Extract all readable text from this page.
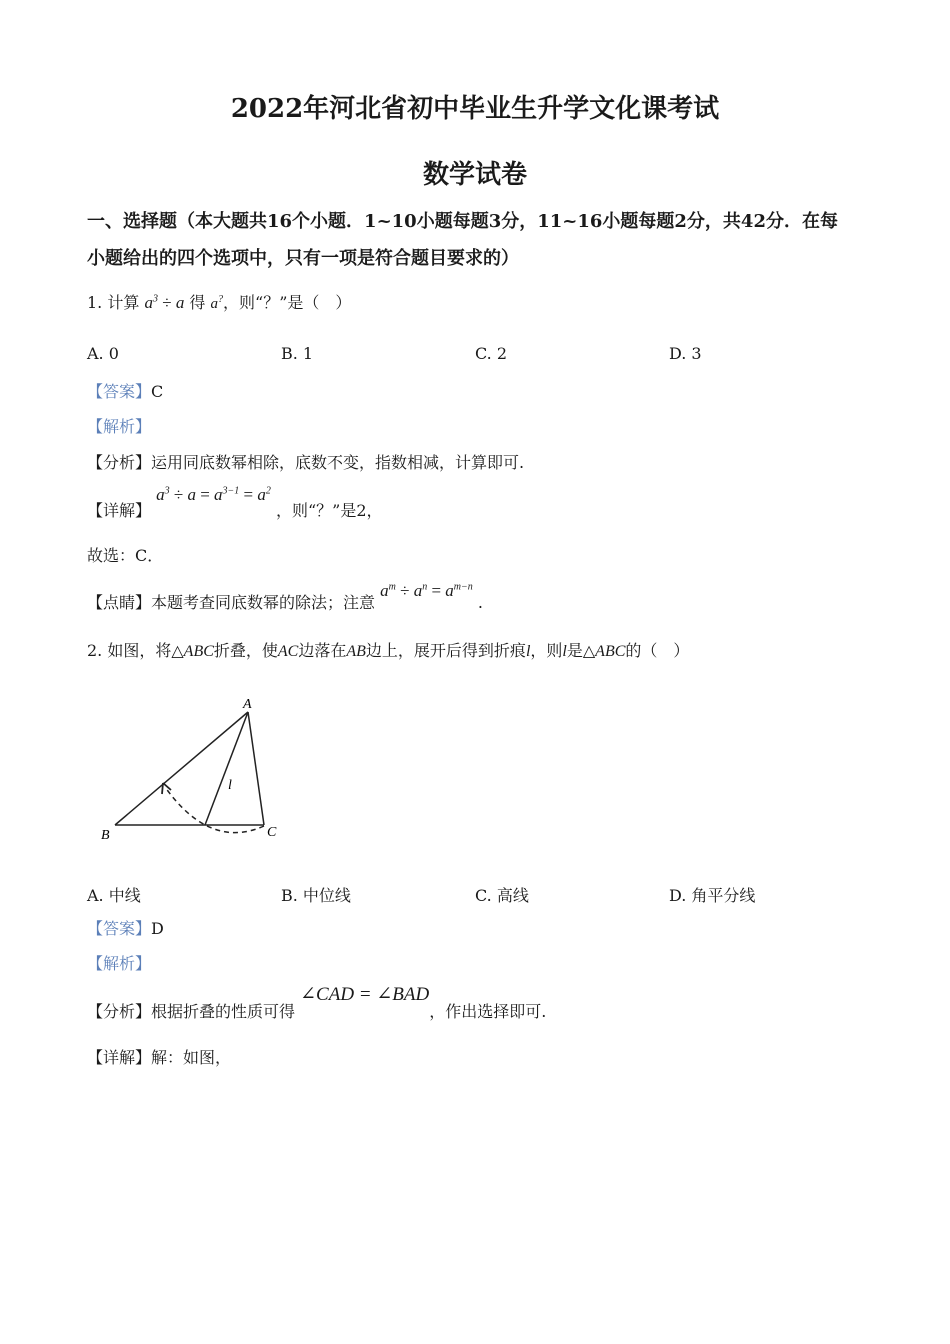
2022年河北省初中毕业生升学文化课考试
数学试卷
一、选择题（本大题共16个小题．1~10小题每题3分，11~16小题每题2分，共42分．在每
小题给出的四个选项中，只有一项是符合题目要求的）
1. 计算 $a^3 \div a$ 得 a?，则“？”是（　）
A. 0	B. 1	C. 2	D. 3
【答案】C
【解析】
【分析】运用同底数幂相除，底数不变，指数相减，计算即可.
【详解】 $a^3 \div a = a^{3-1} = a^2$ ，则“？”是2，
故选：C．
【点睛】本题考查同底数幂的除法；注意 $a^m \div a^n = a^{m-n}$ .
2. 如图，将△ABC折叠，使AC边落在AB边上，展开后得到折痕l，则l是△ABC的（　）
A
B	C
l
A. 中线	B. 中位线	C. 高线	D. 角平分线
【答案】D
【解析】
【分析】根据折叠的性质可得 ∠CAD = ∠BAD，作出选择即可.
【详解】解：如图，
